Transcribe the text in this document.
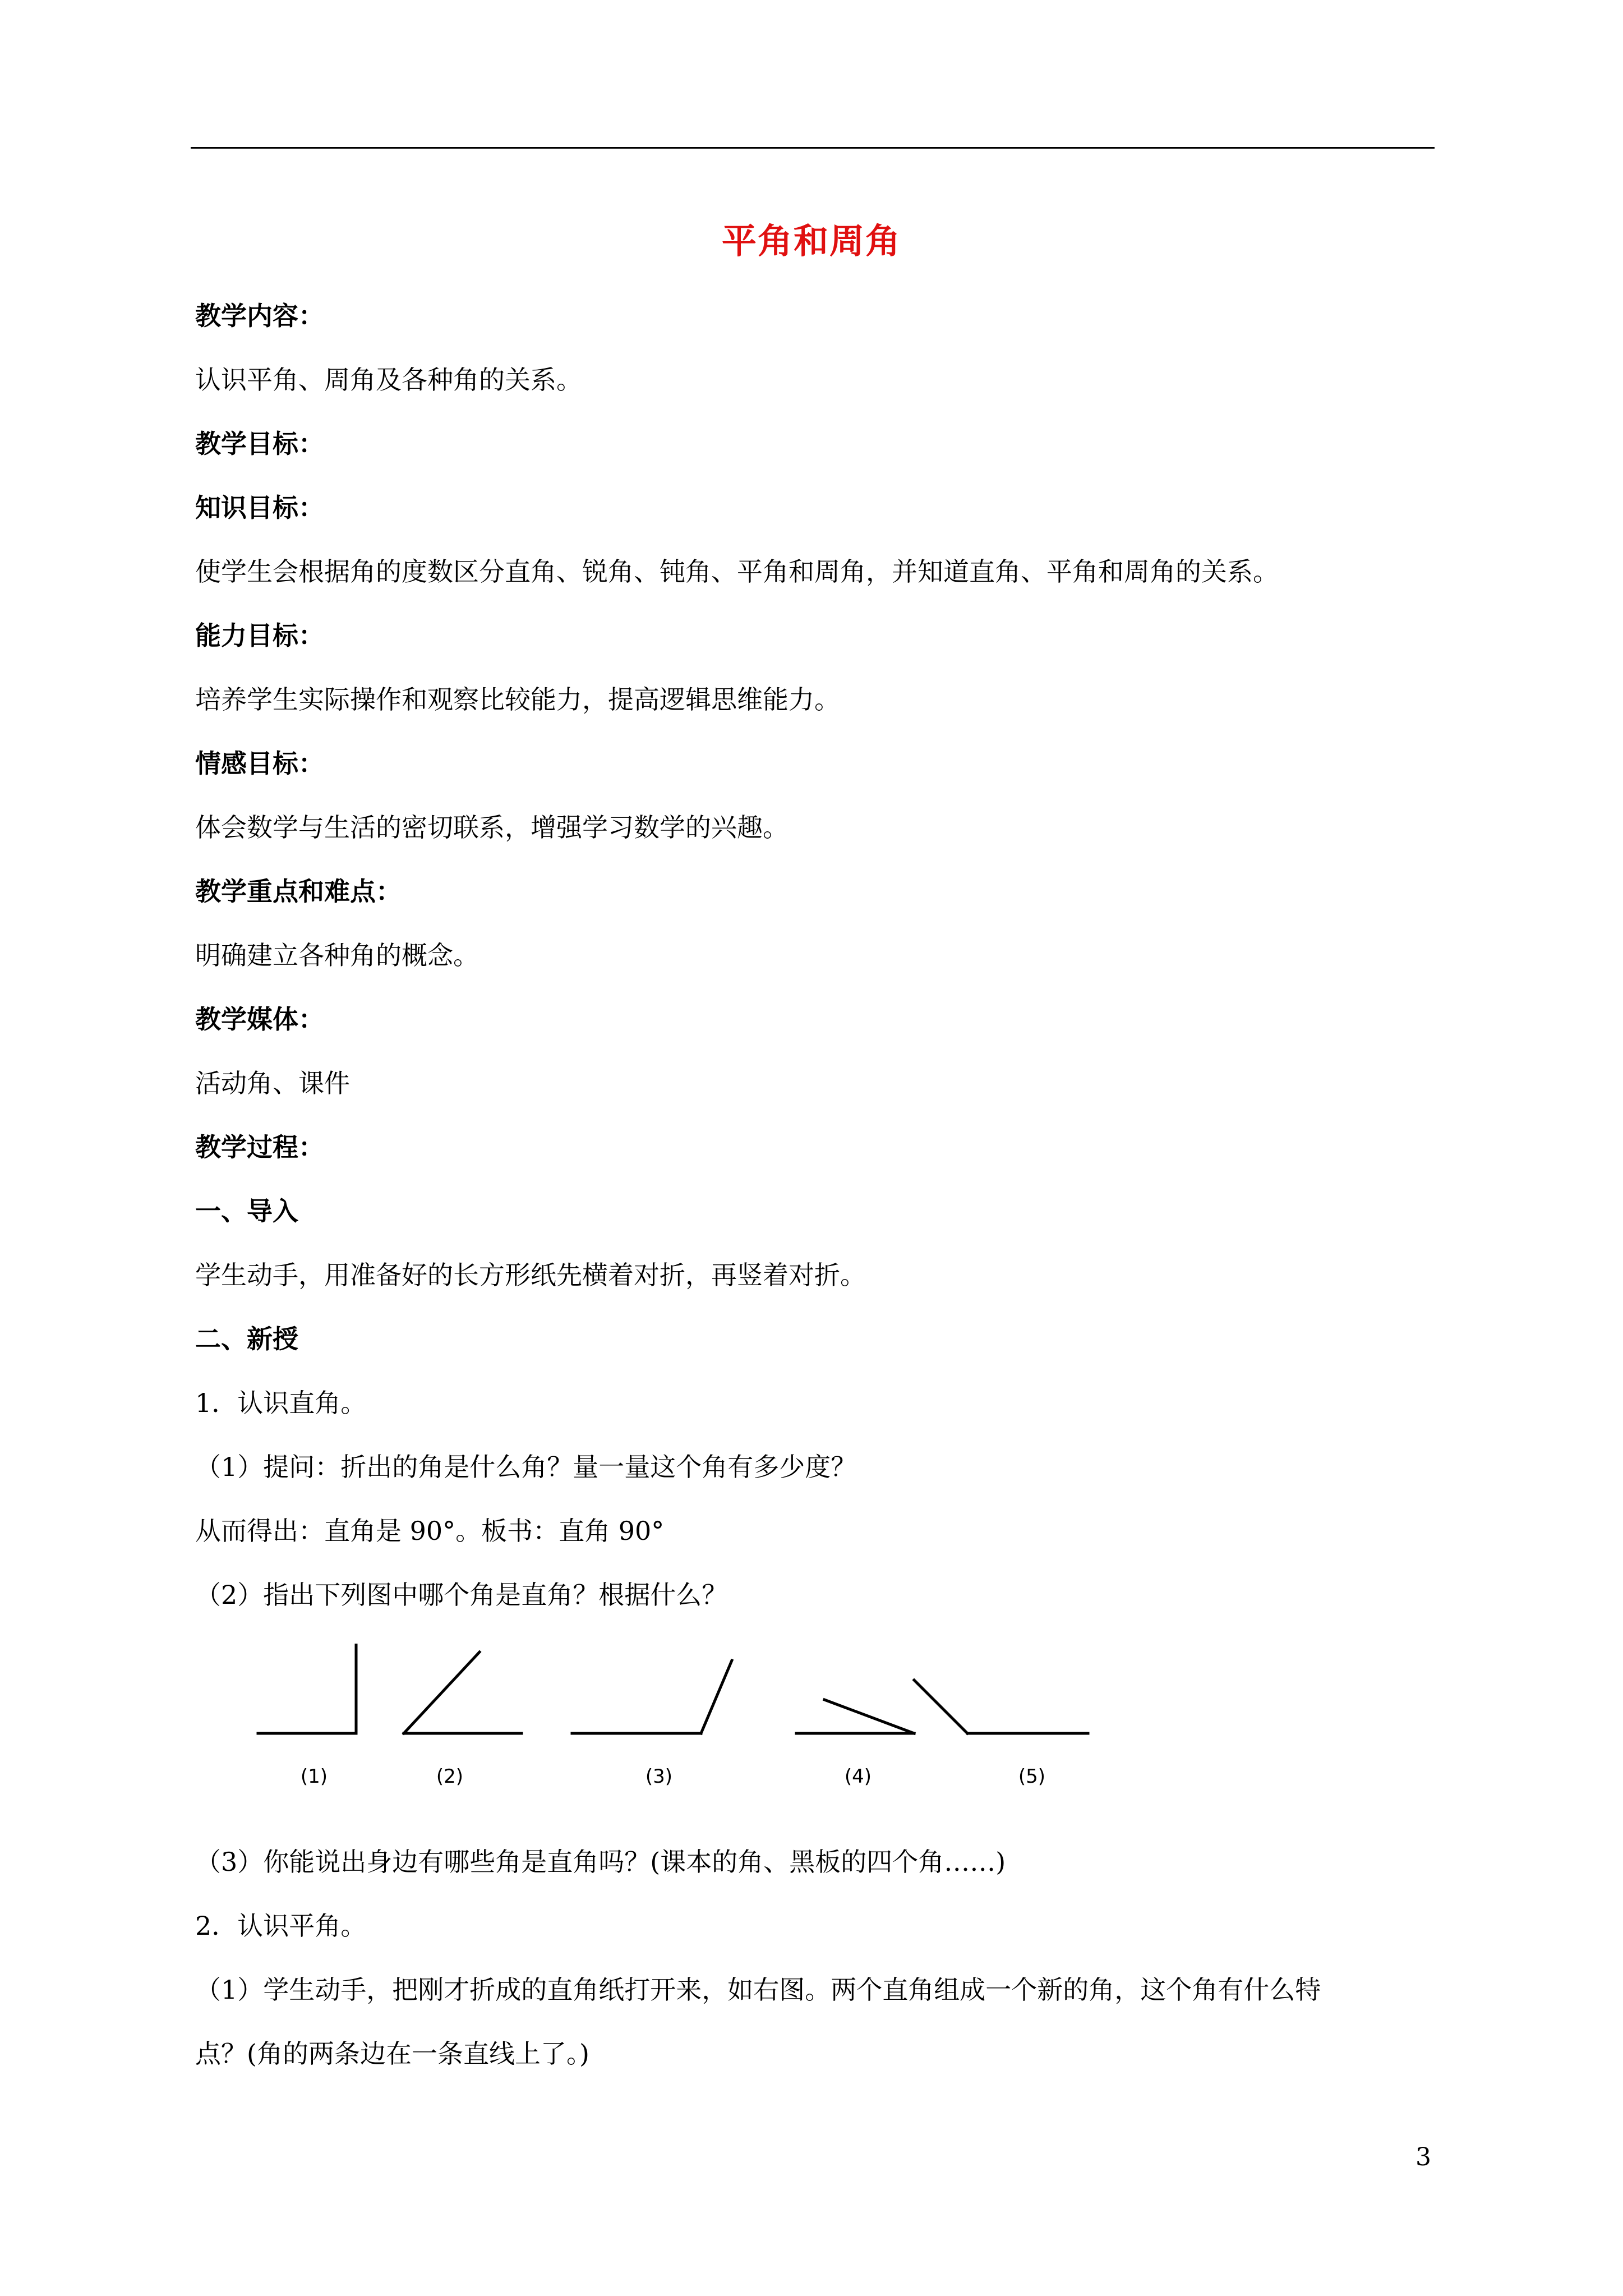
平角和周角
教学内容：
认识平角、周角及各种角的关系。
教学目标：
知识目标：
使学生会根据角的度数区分直角、锐角、钝角、平角和周角，并知道直角、平角和周角的关系。
能力目标：
培养学生实际操作和观察比较能力，提高逻辑思维能力。
情感目标：
体会数学与生活的密切联系，增强学习数学的兴趣。
教学重点和难点：
明确建立各种角的概念。
教学媒体：
活动角、课件
教学过程：
一、导入
学生动手，用准备好的长方形纸先横着对折，再竖着对折。
二、新授
1．认识直角。
（1）提问：折出的角是什么角？量一量这个角有多少度？
从而得出：直角是 90°。板书：直角 90°
（2）指出下列图中哪个角是直角？根据什么？
(1)	(2)	(3)	(4)	(5)
（3）你能说出身边有哪些角是直角吗？(课本的角、黑板的四个角……)
2．认识平角。
（1）学生动手，把刚才折成的直角纸打开来，如右图。两个直角组成一个新的角，这个角有什么特
点？(角的两条边在一条直线上了。)
3
